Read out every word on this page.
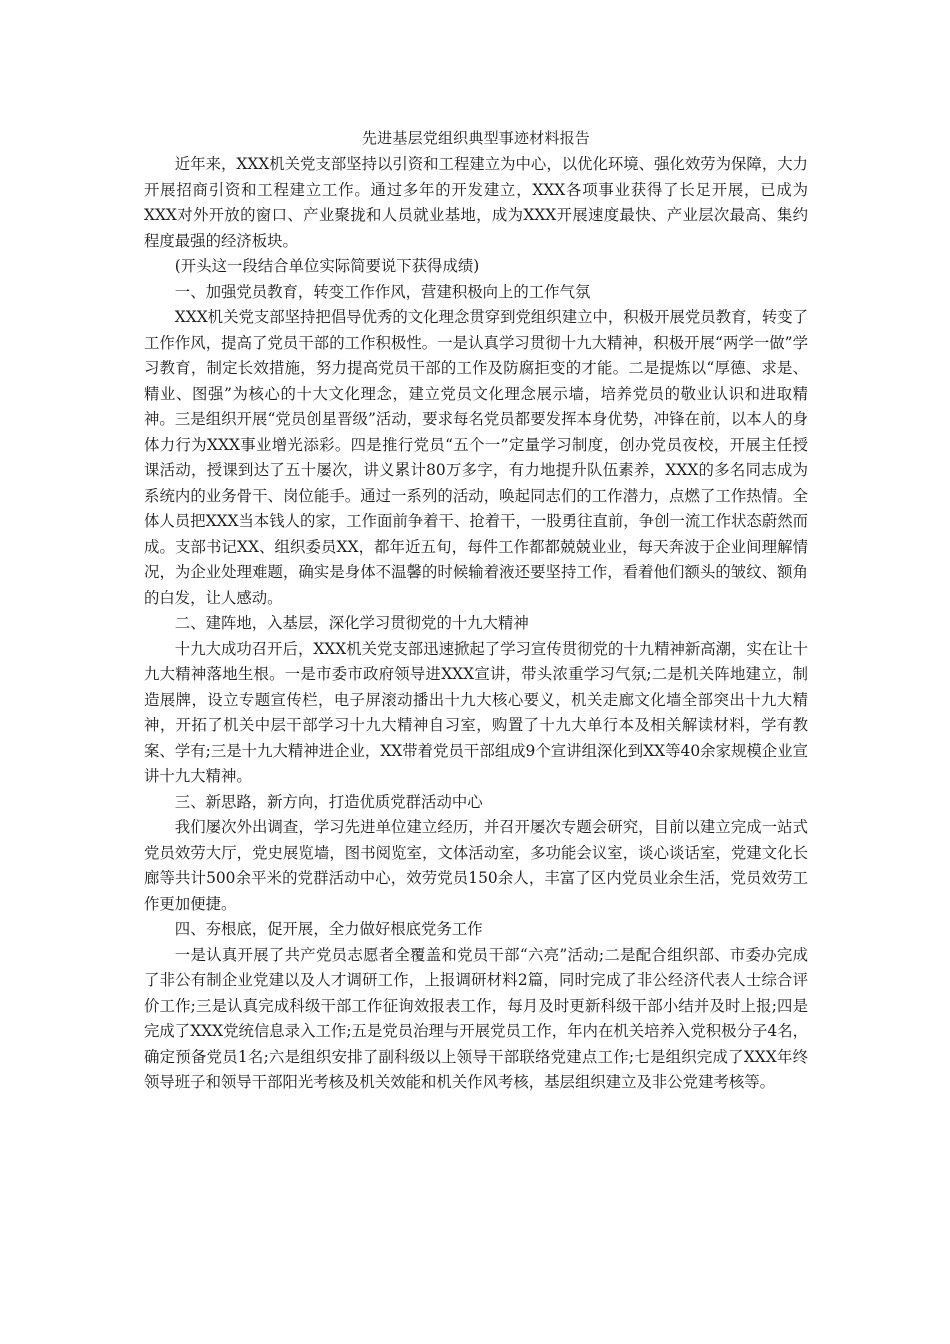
先进基层党组织典型事迹材料报告

近年来，XXX机关党支部坚持以引资和工程建立为中心，以优化环境、强化效劳为保障，大力开展招商引资和工程建立工作。通过多年的开发建立，XXX各项事业获得了长足开展，已成为XXX对外开放的窗口、产业聚拢和人员就业基地，成为XXX开展速度最快、产业层次最高、集约程度最强的经济板块。

(开头这一段结合单位实际简要说下获得成绩)

一、加强党员教育，转变工作作风，营建积极向上的工作气氛

XXX机关党支部坚持把倡导优秀的文化理念贯穿到党组织建立中，积极开展党员教育，转变了工作作风，提高了党员干部的工作积极性。一是认真学习贯彻十九大精神，积极开展“两学一做”学习教育，制定长效措施，努力提高党员干部的工作及防腐拒变的才能。二是提炼以“厚德、求是、精业、图强”为核心的十大文化理念，建立党员文化理念展示墙，培养党员的敬业认识和进取精神。三是组织开展“党员创星晋级”活动，要求每名党员都要发挥本身优势，冲锋在前，以本人的身体力行为XXX事业增光添彩。四是推行党员“五个一”定量学习制度，创办党员夜校，开展主任授课活动，授课到达了五十屡次，讲义累计80万多字，有力地提升队伍素养，XXX的多名同志成为系统内的业务骨干、岗位能手。通过一系列的活动，唤起同志们的工作潜力，点燃了工作热情。全体人员把XXX当本钱人的家，工作面前争着干、抢着干，一股勇往直前，争创一流工作状态蔚然而成。支部书记XX、组织委员XX，都年近五旬，每件工作都都兢兢业业，每天奔波于企业间理解情况，为企业处理难题，确实是身体不温馨的时候输着液还要坚持工作，看着他们额头的皱纹、额角的白发，让人感动。

二、建阵地，入基层，深化学习贯彻党的十九大精神

十九大成功召开后，XXX机关党支部迅速掀起了学习宣传贯彻党的十九精神新高潮，实在让十九大精神落地生根。一是市委市政府领导进XXX宣讲，带头浓重学习气氛;二是机关阵地建立，制造展牌，设立专题宣传栏，电子屏滚动播出十九大核心要义，机关走廊文化墙全部突出十九大精神，开拓了机关中层干部学习十九大精神自习室，购置了十九大单行本及相关解读材料，学有教案、学有;三是十九大精神进企业，XX带着党员干部组成9个宣讲组深化到XX等40余家规模企业宣讲十九大精神。

三、新思路，新方向，打造优质党群活动中心

我们屡次外出调查，学习先进单位建立经历，并召开屡次专题会研究，目前以建立完成一站式党员效劳大厅，党史展览墙，图书阅览室，文体活动室，多功能会议室，谈心谈话室，党建文化长廊等共计500余平米的党群活动中心，效劳党员150余人，丰富了区内党员业余生活，党员效劳工作更加便捷。

四、夯根底，促开展，全力做好根底党务工作

一是认真开展了共产党员志愿者全覆盖和党员干部“六亮”活动;二是配合组织部、市委办完成了非公有制企业党建以及人才调研工作，上报调研材料2篇，同时完成了非公经济代表人士综合评价工作;三是认真完成科级干部工作征询效报表工作，每月及时更新科级干部小结并及时上报;四是完成了XXX党统信息录入工作;五是党员治理与开展党员工作，年内在机关培养入党积极分子4名，确定预备党员1名;六是组织安排了副科级以上领导干部联络党建点工作;七是组织完成了XXX年终领导班子和领导干部阳光考核及机关效能和机关作风考核，基层组织建立及非公党建考核等。
